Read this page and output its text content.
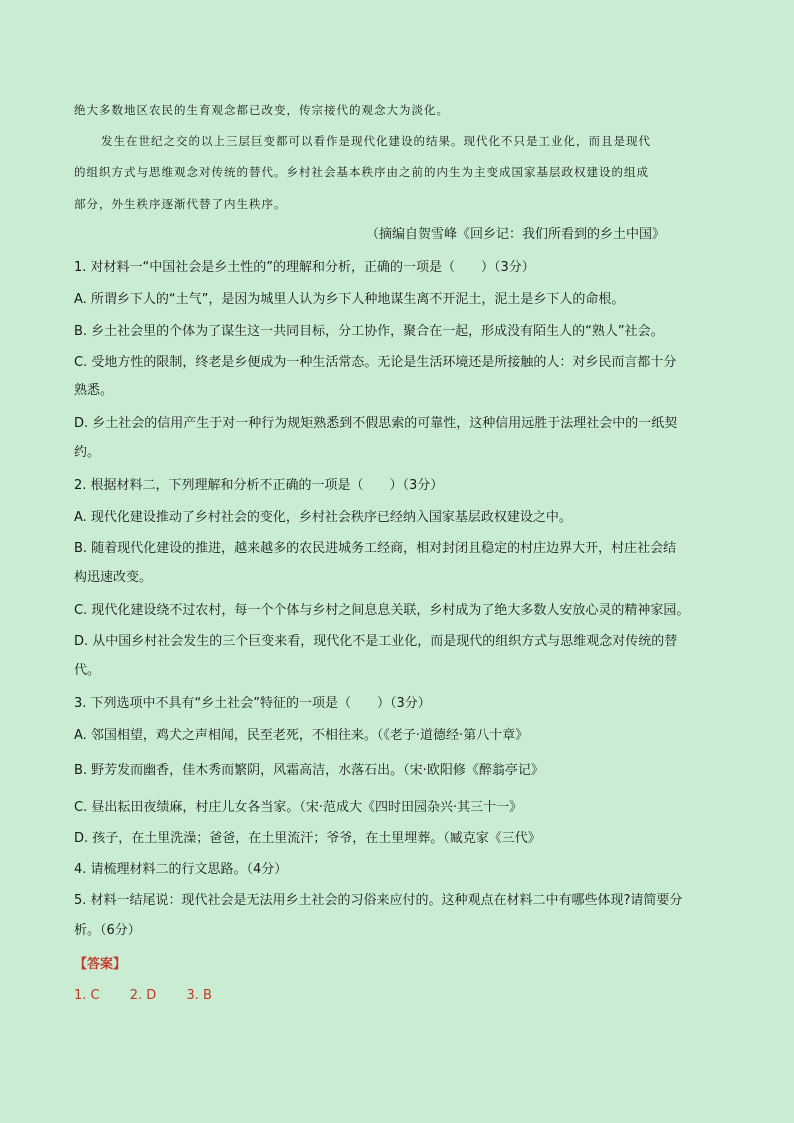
绝大多数地区农民的生育观念都已改变，传宗接代的观念大为淡化。
发生在世纪之交的以上三层巨变都可以看作是现代化建设的结果。现代化不只是工业化，而且是现代
的组织方式与思维观念对传统的替代。乡村社会基本秩序由之前的内生为主变成国家基层政权建设的组成
部分，外生秩序逐渐代替了内生秩序。
（摘编自贺雪峰《回乡记：我们所看到的乡土中国》
1. 对材料一“中国社会是乡土性的”的理解和分析，正确的一项是（　　）（3分）
A. 所谓乡下人的“土气”，是因为城里人认为乡下人种地谋生离不开泥土，泥土是乡下人的命根。
B. 乡土社会里的个体为了谋生这一共同目标，分工协作，聚合在一起，形成没有陌生人的“熟人”社会。
C. 受地方性的限制，终老是乡便成为一种生活常态。无论是生活环境还是所接触的人：对乡民而言都十分
熟悉。
D. 乡土社会的信用产生于对一种行为规矩熟悉到不假思索的可靠性，这种信用远胜于法理社会中的一纸契
约。
2. 根据材料二，下列理解和分析不正确的一项是（　　）（3分）
A. 现代化建设推动了乡村社会的变化，乡村社会秩序已经纳入国家基层政权建设之中。
B. 随着现代化建设的推进，越来越多的农民进城务工经商，相对封闭且稳定的村庄边界大开，村庄社会结
构迅速改变。
C. 现代化建设绕不过农村，每一个个体与乡村之间息息关联，乡村成为了绝大多数人安放心灵的精神家园。
D. 从中国乡村社会发生的三个巨变来看，现代化不是工业化，而是现代的组织方式与思维观念对传统的替
代。
3. 下列选项中不具有“乡土社会”特征的一项是（　　）（3分）
A. 邻国相望，鸡犬之声相闻，民至老死，不相往来。（《老子·道德经·第八十章》
B. 野芳发而幽香，佳木秀而繁阴，风霜高洁，水落石出。（宋·欧阳修《醉翁亭记》
C. 昼出耘田夜绩麻，村庄儿女各当家。（宋·范成大《四时田园杂兴·其三十一》
D. 孩子，在土里洗澡；爸爸，在土里流汗；爷爷，在土里埋葬。（臧克家《三代》
4. 请梳理材料二的行文思路。（4分）
5. 材料一结尾说：现代社会是无法用乡土社会的习俗来应付的。这种观点在材料二中有哪些体现?请简要分
析。（6分）
【答案】
1. C 2. D 3. B
